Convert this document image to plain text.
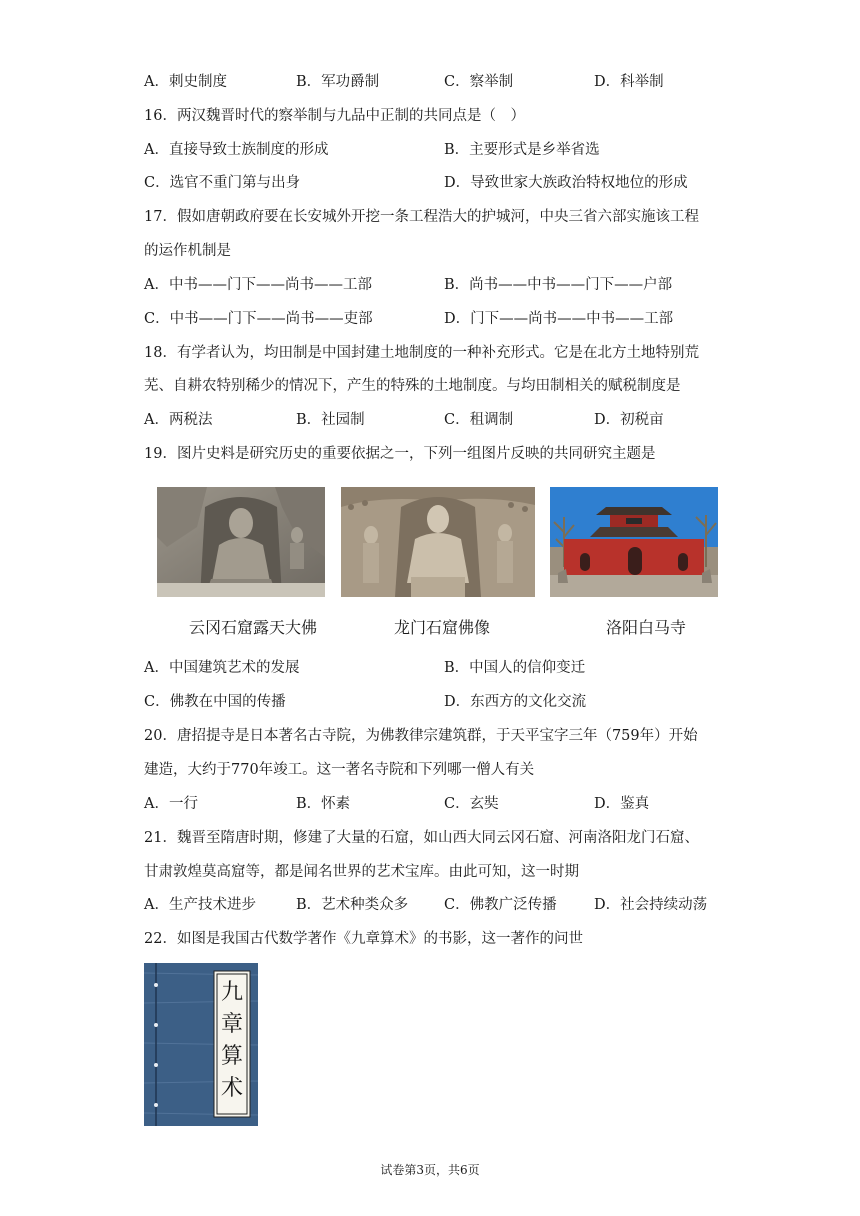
A．刺史制度	B．军功爵制	C．察举制	D．科举制
16．两汉魏晋时代的察举制与九品中正制的共同点是（　）
A．直接导致士族制度的形成	B．主要形式是乡举省选
C．选官不重门第与出身	D．导致世家大族政治特权地位的形成
17．假如唐朝政府要在长安城外开挖一条工程浩大的护城河，中央三省六部实施该工程
的运作机制是
A．中书——门下——尚书——工部	B．尚书——中书——门下——户部
C．中书——门下——尚书——吏部	D．门下——尚书——中书——工部
18．有学者认为，均田制是中国封建土地制度的一种补充形式。它是在北方土地特别荒
芜、自耕农特别稀少的情况下，产生的特殊的土地制度。与均田制相关的赋税制度是
A．两税法	B．社园制	C．租调制	D．初税亩
19．图片史料是研究历史的重要依据之一，下列一组图片反映的共同研究主题是
云冈石窟露天大佛	龙门石窟佛像	洛阳白马寺
A．中国建筑艺术的发展	B．中国人的信仰变迁
C．佛教在中国的传播	D．东西方的文化交流
20．唐招提寺是日本著名古寺院，为佛教律宗建筑群，于天平宝字三年（759年）开始
建造，大约于770年竣工。这一著名寺院和下列哪一僧人有关
A．一行	B．怀素	C．玄奘	D．鉴真
21．魏晋至隋唐时期，修建了大量的石窟，如山西大同云冈石窟、河南洛阳龙门石窟、
甘肃敦煌莫高窟等，都是闻名世界的艺术宝库。由此可知，这一时期
A．生产技术进步	B．艺术种类众多 C．佛教广泛传播	D．社会持续动荡
22．如图是我国古代数学著作《九章算术》的书影，这一著作的问世
九
章
算
术
试卷第3页，共6页
